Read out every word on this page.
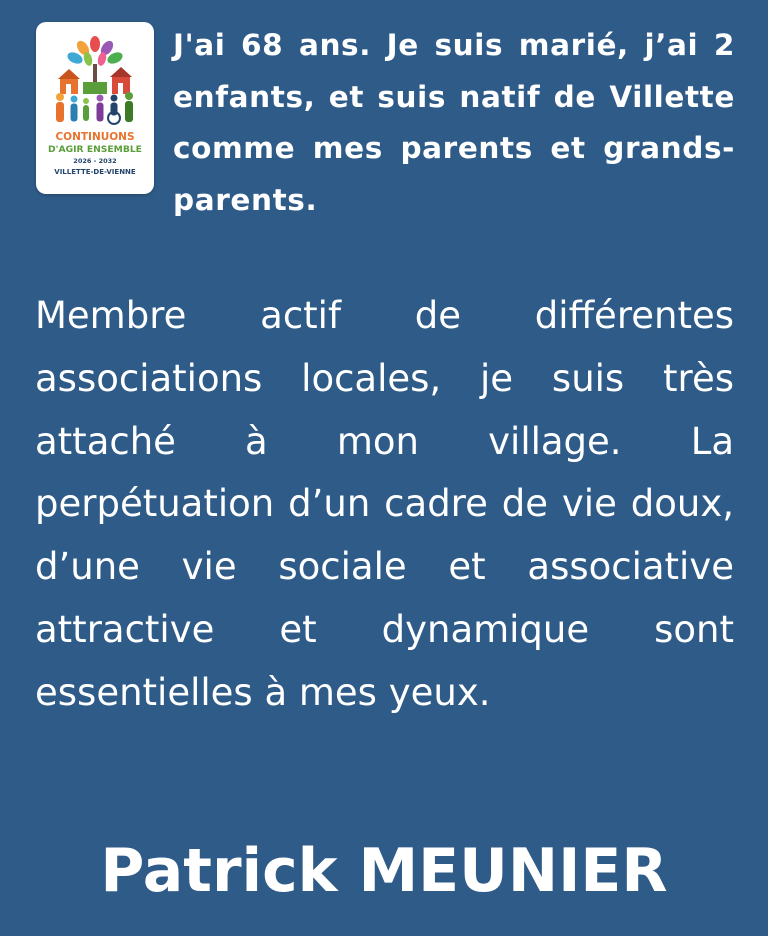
CONTINUONS
D'AGIR ENSEMBLE
2026 - 2032
VILLETTE-DE-VIENNE

J'ai 68 ans. Je suis marié, j’ai 2 enfants, et suis natif de Villette comme mes parents et grands-parents.

Membre actif de différentes associations locales, je suis très attaché à mon village. La perpétuation d’un cadre de vie doux, d’une vie sociale et associative attractive et dynamique sont essentielles à mes yeux.

Patrick MEUNIER
